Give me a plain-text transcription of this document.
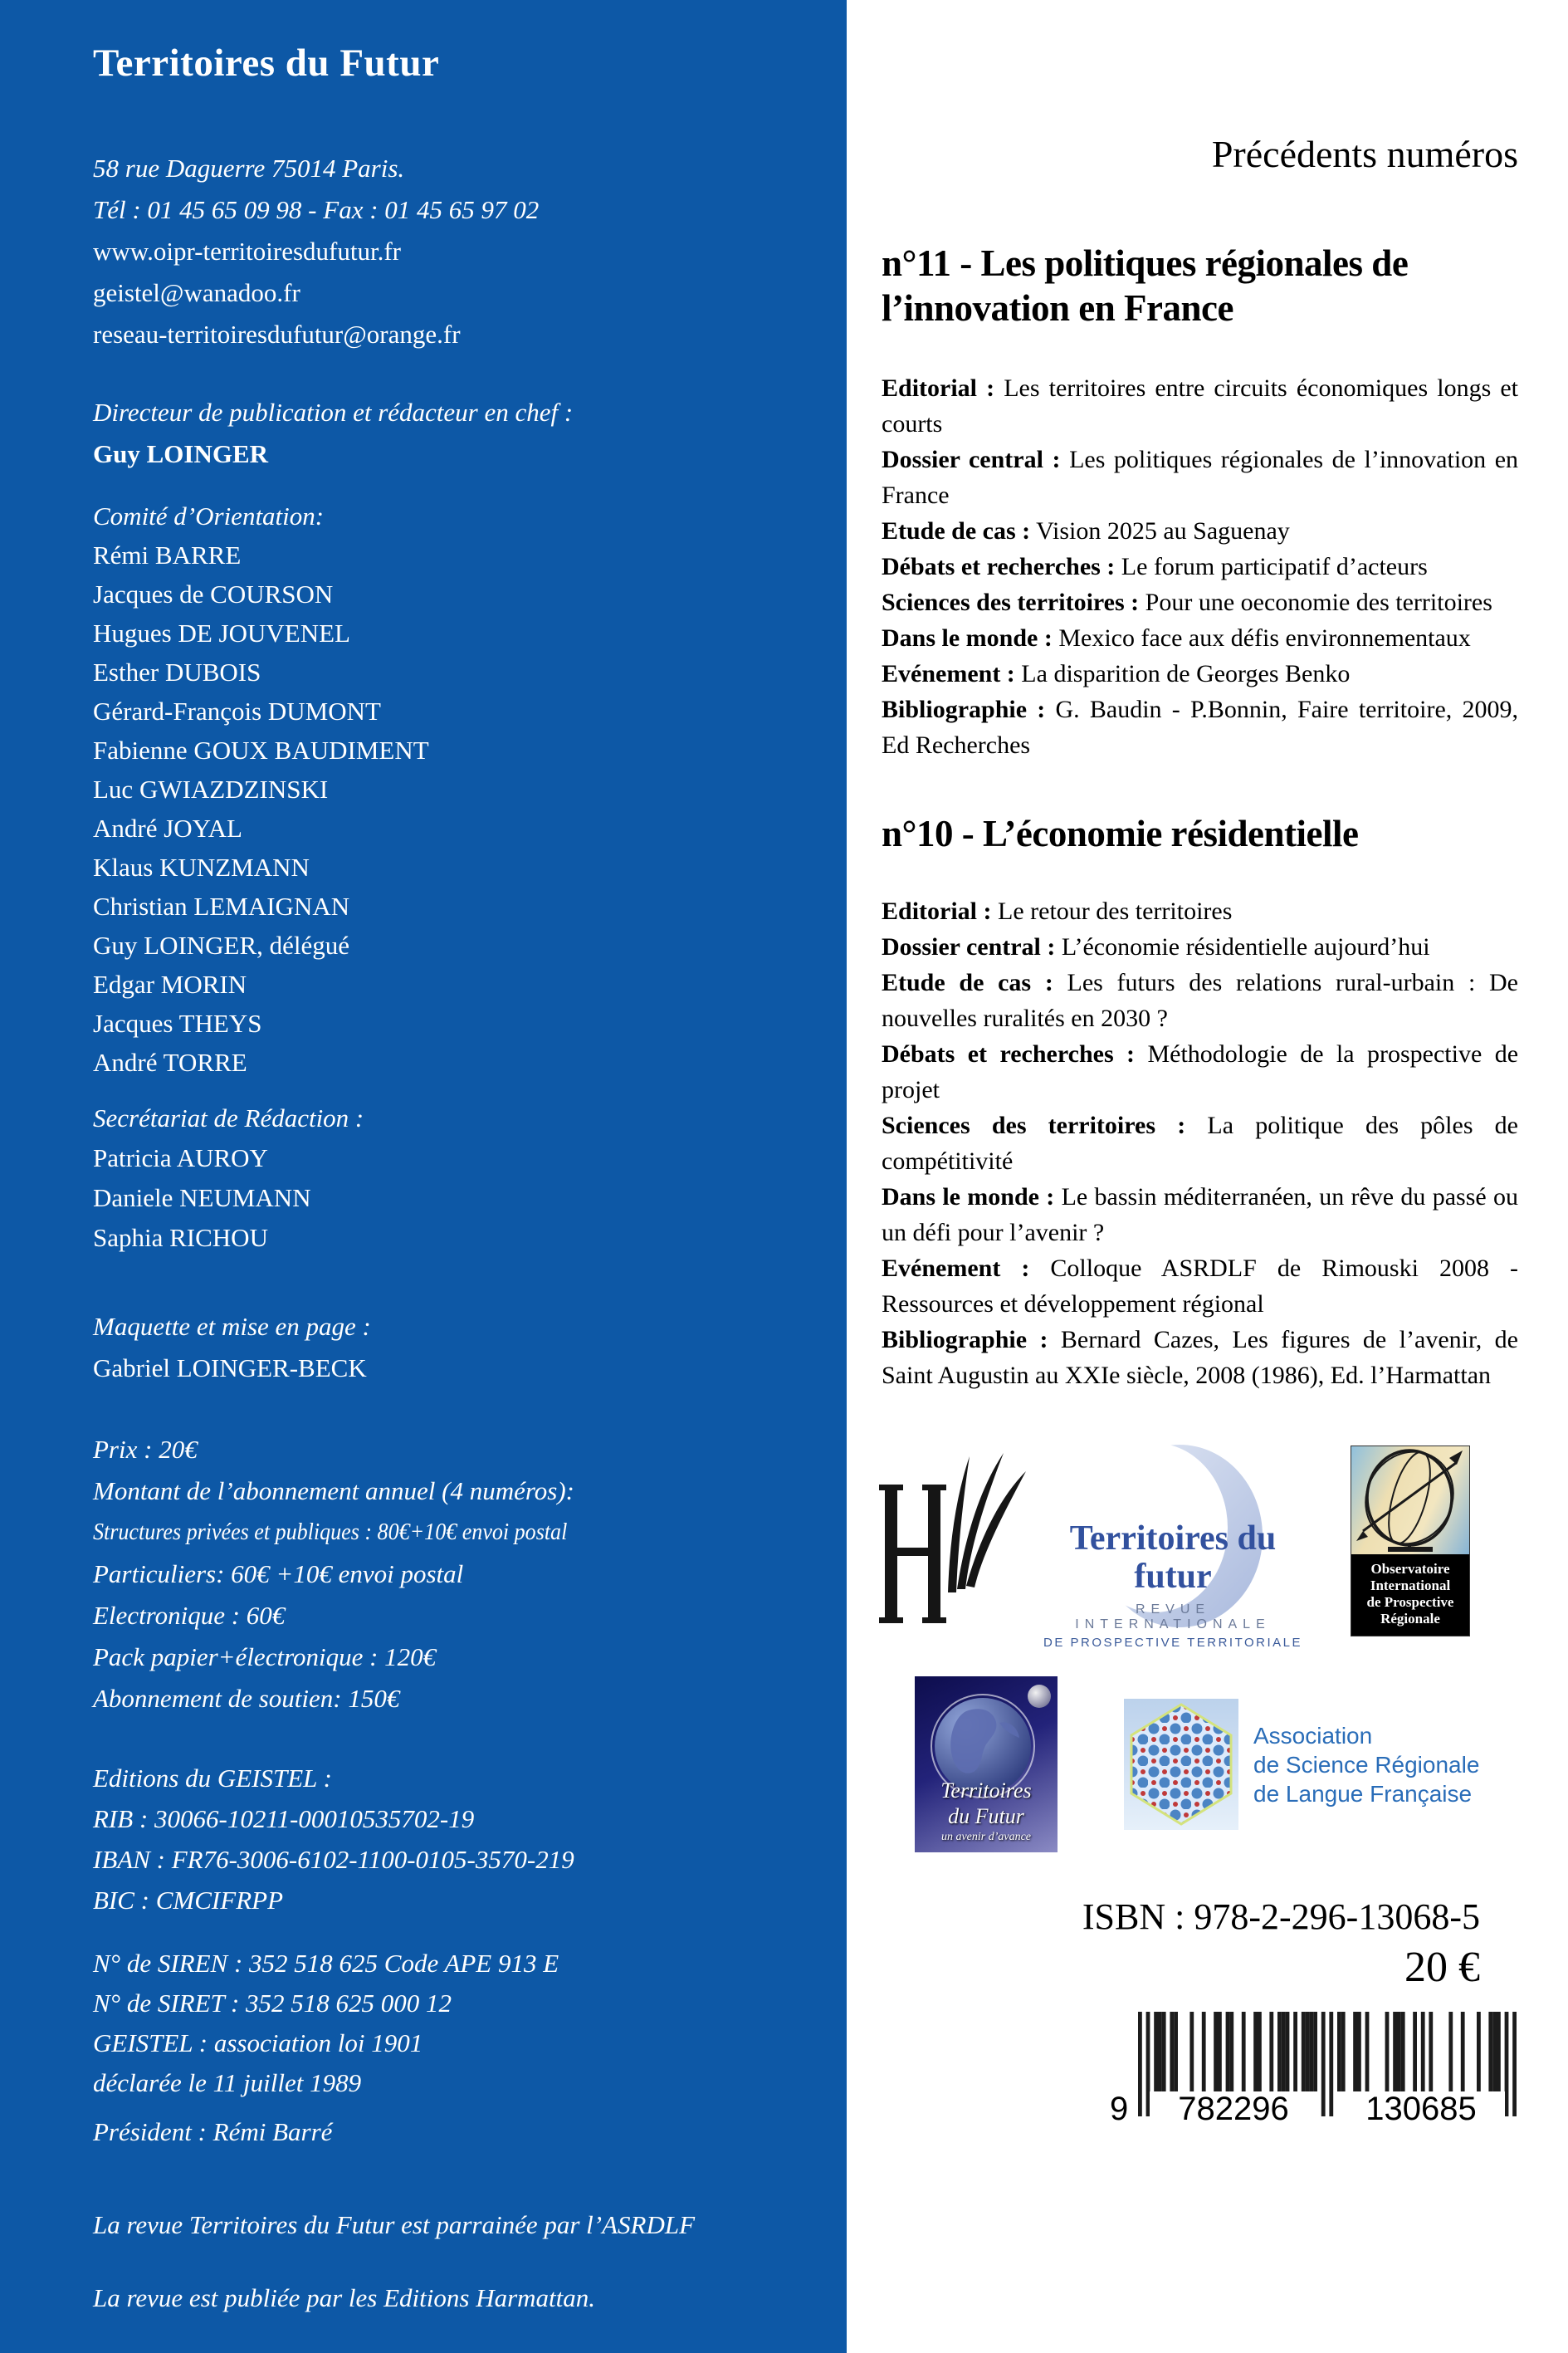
Territoires du Futur
58 rue Daguerre 75014 Paris.
Tél : 01 45 65 09 98 - Fax : 01 45 65 97 02
www.oipr-territoiresdufutur.fr
geistel@wanadoo.fr
reseau-territoiresdufutur@orange.fr
Directeur de publication et rédacteur en chef :
Guy LOINGER
Comité d’Orientation:
Rémi BARRE
Jacques de COURSON
Hugues DE JOUVENEL
Esther DUBOIS
Gérard-François DUMONT
Fabienne GOUX BAUDIMENT
Luc GWIAZDZINSKI
André JOYAL
Klaus KUNZMANN
Christian LEMAIGNAN
Guy LOINGER, délégué
Edgar MORIN
Jacques THEYS
André TORRE
Secrétariat de Rédaction :
Patricia AUROY
Daniele NEUMANN
Saphia RICHOU
Maquette et mise en page :
Gabriel LOINGER-BECK
Prix : 20€
Montant de l’abonnement annuel (4 numéros):
Structures privées et publiques : 80€+10€ envoi postal
Particuliers: 60€ +10€ envoi postal
Electronique : 60€
Pack papier+électronique : 120€
Abonnement de soutien: 150€
Editions du GEISTEL :
RIB : 30066-10211-00010535702-19
IBAN : FR76-3006-6102-1100-0105-3570-219
BIC : CMCIFRPP
N° de SIREN : 352 518 625 Code APE 913 E
N° de SIRET : 352 518 625 000 12
GEISTEL : association loi 1901
déclarée le 11 juillet 1989
Président : Rémi Barré
La revue Territoires du Futur est parrainée par l’ASRDLF
La revue est publiée par les Editions Harmattan.
Précédents numéros
n°11 - Les politiques régionales de l’innovation en France
Editorial : Les territoires entre circuits économiques longs et courts
Dossier central : Les politiques régionales de l’innovation en France
Etude de cas : Vision 2025 au Saguenay
Débats et recherches : Le forum participatif d’acteurs
Sciences des territoires : Pour une oeconomie des territoires
Dans le monde : Mexico face aux défis environnementaux
Evénement : La disparition de Georges Benko
Bibliographie : G. Baudin - P.Bonnin, Faire territoire, 2009, Ed Recherches
n°10 - L’économie résidentielle
Editorial : Le retour des territoires
Dossier central : L’économie résidentielle aujourd’hui
Etude de cas : Les futurs des relations rural-urbain : De nouvelles ruralités en 2030 ?
Débats et recherches : Méthodologie de la prospective de projet
Sciences des territoires : La politique des pôles de compétitivité
Dans le monde : Le bassin méditerranéen, un rêve du passé ou un défi pour l’avenir ?
Evénement : Colloque ASRDLF de Rimouski 2008 - Ressources et développement régional
Bibliographie : Bernard Cazes, Les figures de l’avenir, de Saint Augustin au XXIe siècle, 2008 (1986), Ed. l’Harmattan
Territoires du futur
REVUE INTERNATIONALE
DE PROSPECTIVE TERRITORIALE
Observatoire
International
de Prospective
Régionale
Territoires
du Futur
un avenir d’avance
Association
de Science Régionale
de Langue Française
ISBN : 978-2-296-13068-5
20 €
9	782296	130685
